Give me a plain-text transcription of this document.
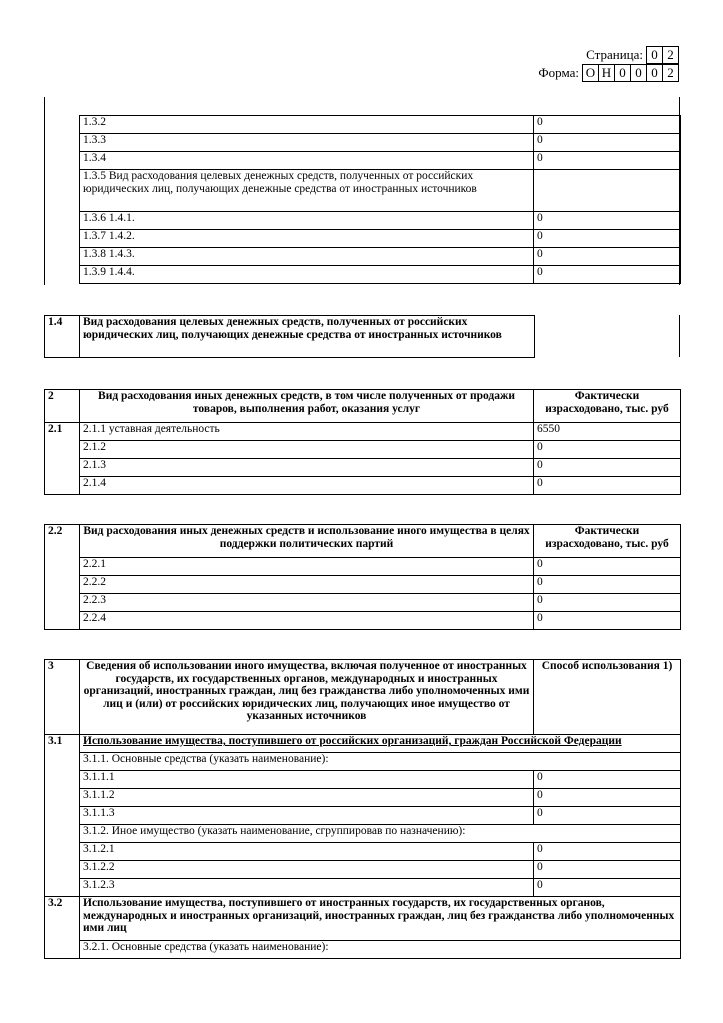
Страница: 0 2
Форма: О Н 0 0 0 2
1.3.2	0
1.3.3	0
1.3.4	0
1.3.5 Вид расходования целевых денежных средств, полученных от российских юридических лиц, получающих денежные средства от иностранных источников	
1.3.6 1.4.1.	0
1.3.7 1.4.2.	0
1.3.8 1.4.3.	0
1.3.9 1.4.4.	0
1.4	Вид расходования целевых денежных средств, полученных от российских юридических лиц, получающих денежные средства от иностранных источников
2	Вид расходования иных денежных средств, в том числе полученных от продажи товаров, выполнения работ, оказания услуг	Фактически израсходовано, тыс. руб
2.1	2.1.1 уставная деятельность	6550
	2.1.2	0
	2.1.3	0
	2.1.4	0
2.2	Вид расходования иных денежных средств и использование иного имущества в целях поддержки политических партий	Фактически израсходовано, тыс. руб
	2.2.1	0
	2.2.2	0
	2.2.3	0
	2.2.4	0
3	Сведения об использовании иного имущества, включая полученное от иностранных государств, их государственных органов, международных и иностранных организаций, иностранных граждан, лиц без гражданства либо уполномоченных ими лиц и (или) от российских юридических лиц, получающих иное имущество от указанных источников	Способ использования 1)
3.1	Использование имущества, поступившего от российских организаций, граждан Российской Федерации	
	3.1.1. Основные средства (указать наименование):	
	3.1.1.1	0
	3.1.1.2	0
	3.1.1.3	0
	3.1.2. Иное имущество (указать наименование, сгруппировав по назначению):	
	3.1.2.1	0
	3.1.2.2	0
	3.1.2.3	0
3.2	Использование имущества, поступившего от иностранных государств, их государственных органов, международных и иностранных организаций, иностранных граждан, лиц без гражданства либо уполномоченных ими лиц	
	3.2.1. Основные средства (указать наименование):	
